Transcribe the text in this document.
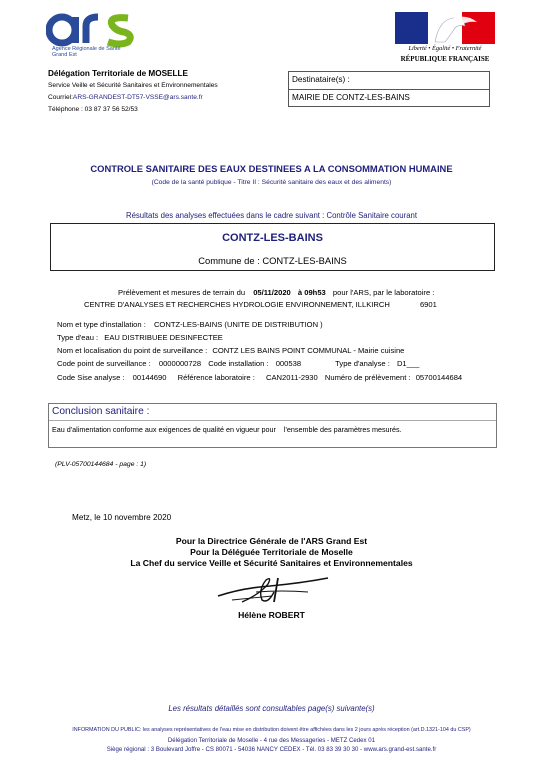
Agence Régionale de Santé
Grand Est
Liberté • Égalité • Fraternité
RÉPUBLIQUE FRANÇAISE
Délégation Territoriale de MOSELLE
Service Veille et Sécurité Sanitaires et Environnementales
Courriel:ARS-GRANDEST-DT57-VSSE@ars.sante.fr
Téléphone : 03 87 37 56 52/53
Destinataire(s) :
MAIRIE DE CONTZ-LES-BAINS
CONTROLE SANITAIRE DES EAUX DESTINEES A LA CONSOMMATION HUMAINE
(Code de la santé publique - Titre II : Sécurité sanitaire des eaux et des aliments)
Résultats des analyses effectuées dans le cadre suivant : Contrôle Sanitaire courant
CONTZ-LES-BAINS
Commune de : CONTZ-LES-BAINS
Prélèvement et mesures de terrain du 05/11/2020 à 09h53 pour l'ARS, par le laboratoire :
CENTRE D'ANALYSES ET RECHERCHES HYDROLOGIE ENVIRONNEMENT, ILLKIRCH	6901
Nom et type d'installation : CONTZ-LES-BAINS (UNITE DE DISTRIBUTION )
Type d'eau : EAU DISTRIBUEE DESINFECTEE
Nom et localisation du point de surveillance : CONTZ LES BAINS POINT COMMUNAL - Mairie cuisine
Code point de surveillance : 0000000728 Code installation : 000538	Type d'analyse : D1___
Code Sise analyse : 00144690 Référence laboratoire : CAN2011-2930 Numéro de prélèvement : 05700144684
Conclusion sanitaire :
Eau d'alimentation conforme aux exigences de qualité en vigueur pour    l'ensemble des paramètres mesurés.
(PLV-05700144684 - page : 1)
Metz, le 10 novembre 2020
Pour la Directrice Générale de l'ARS Grand Est
Pour la Déléguée Territoriale de Moselle
La Chef du service Veille et Sécurité Sanitaires et Environnementales
Hélène ROBERT
Les résultats détaillés sont consultables page(s) suivante(s)
INFORMATION DU PUBLIC: les analyses représentatives de l'eau mise en distribution doivent être affichées dans les 2 jours après réception (art.D.1321-104 du CSP)
Délégation Territoriale de Moselle - 4 rue des Messageries - METZ Cedex 01
Siège régional : 3 Boulevard Joffre - CS 80071 - 54036 NANCY CEDEX - Tél. 03 83 39 30 30 - www.ars.grand-est.sante.fr
